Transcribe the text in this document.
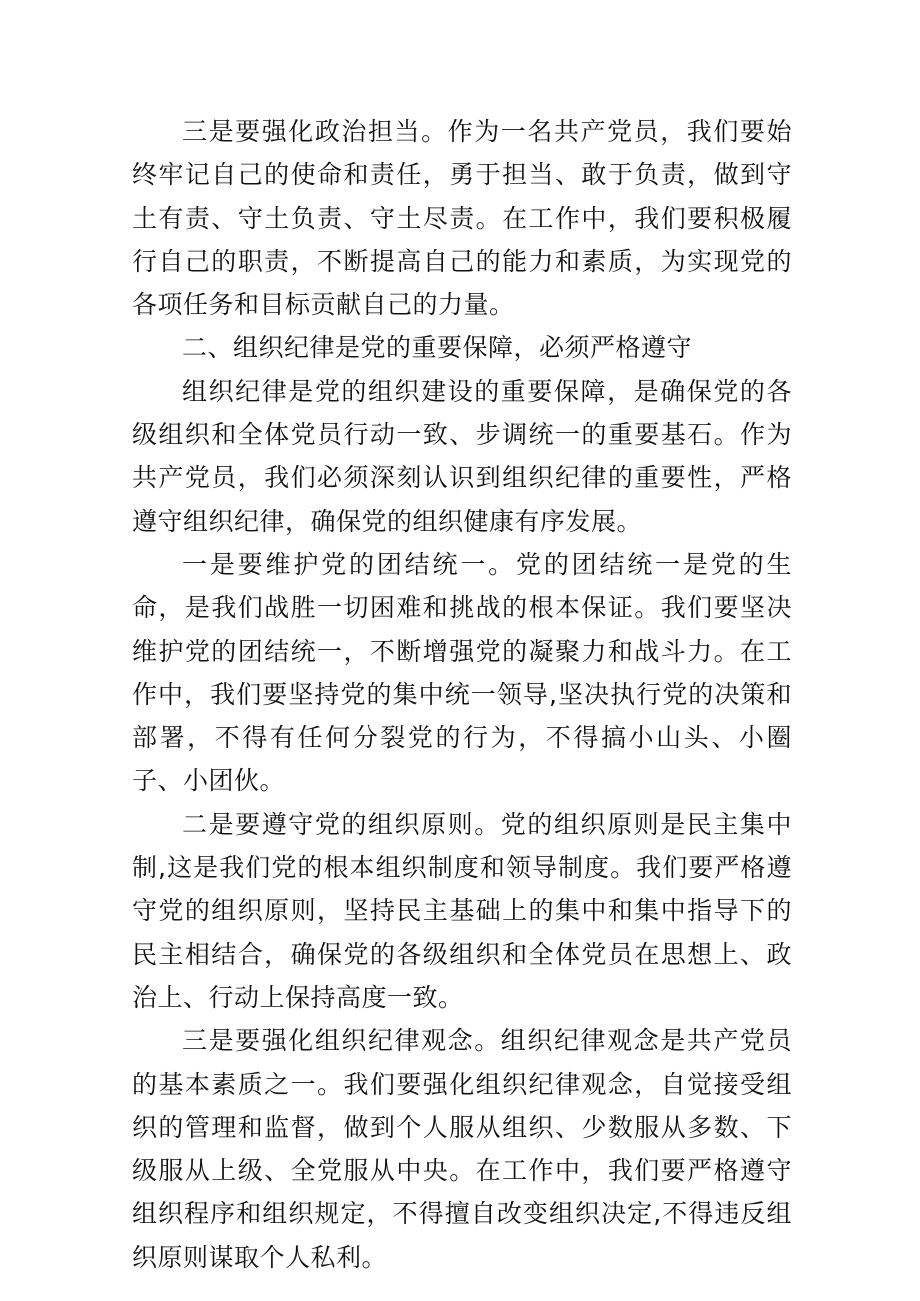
三是要强化政治担当。作为一名共产党员，我们要始终牢记自己的使命和责任，勇于担当、敢于负责，做到守土有责、守土负责、守土尽责。在工作中，我们要积极履行自己的职责，不断提高自己的能力和素质，为实现党的各项任务和目标贡献自己的力量。

二、组织纪律是党的重要保障，必须严格遵守

组织纪律是党的组织建设的重要保障，是确保党的各级组织和全体党员行动一致、步调统一的重要基石。作为共产党员，我们必须深刻认识到组织纪律的重要性，严格遵守组织纪律，确保党的组织健康有序发展。

一是要维护党的团结统一。党的团结统一是党的生命，是我们战胜一切困难和挑战的根本保证。我们要坚决维护党的团结统一，不断增强党的凝聚力和战斗力。在工作中，我们要坚持党的集中统一领导,坚决执行党的决策和部署，不得有任何分裂党的行为，不得搞小山头、小圈子、小团伙。

二是要遵守党的组织原则。党的组织原则是民主集中制,这是我们党的根本组织制度和领导制度。我们要严格遵守党的组织原则，坚持民主基础上的集中和集中指导下的民主相结合，确保党的各级组织和全体党员在思想上、政治上、行动上保持高度一致。

三是要强化组织纪律观念。组织纪律观念是共产党员的基本素质之一。我们要强化组织纪律观念，自觉接受组织的管理和监督，做到个人服从组织、少数服从多数、下级服从上级、全党服从中央。在工作中，我们要严格遵守组织程序和组织规定，不得擅自改变组织决定,不得违反组织原则谋取个人私利。
